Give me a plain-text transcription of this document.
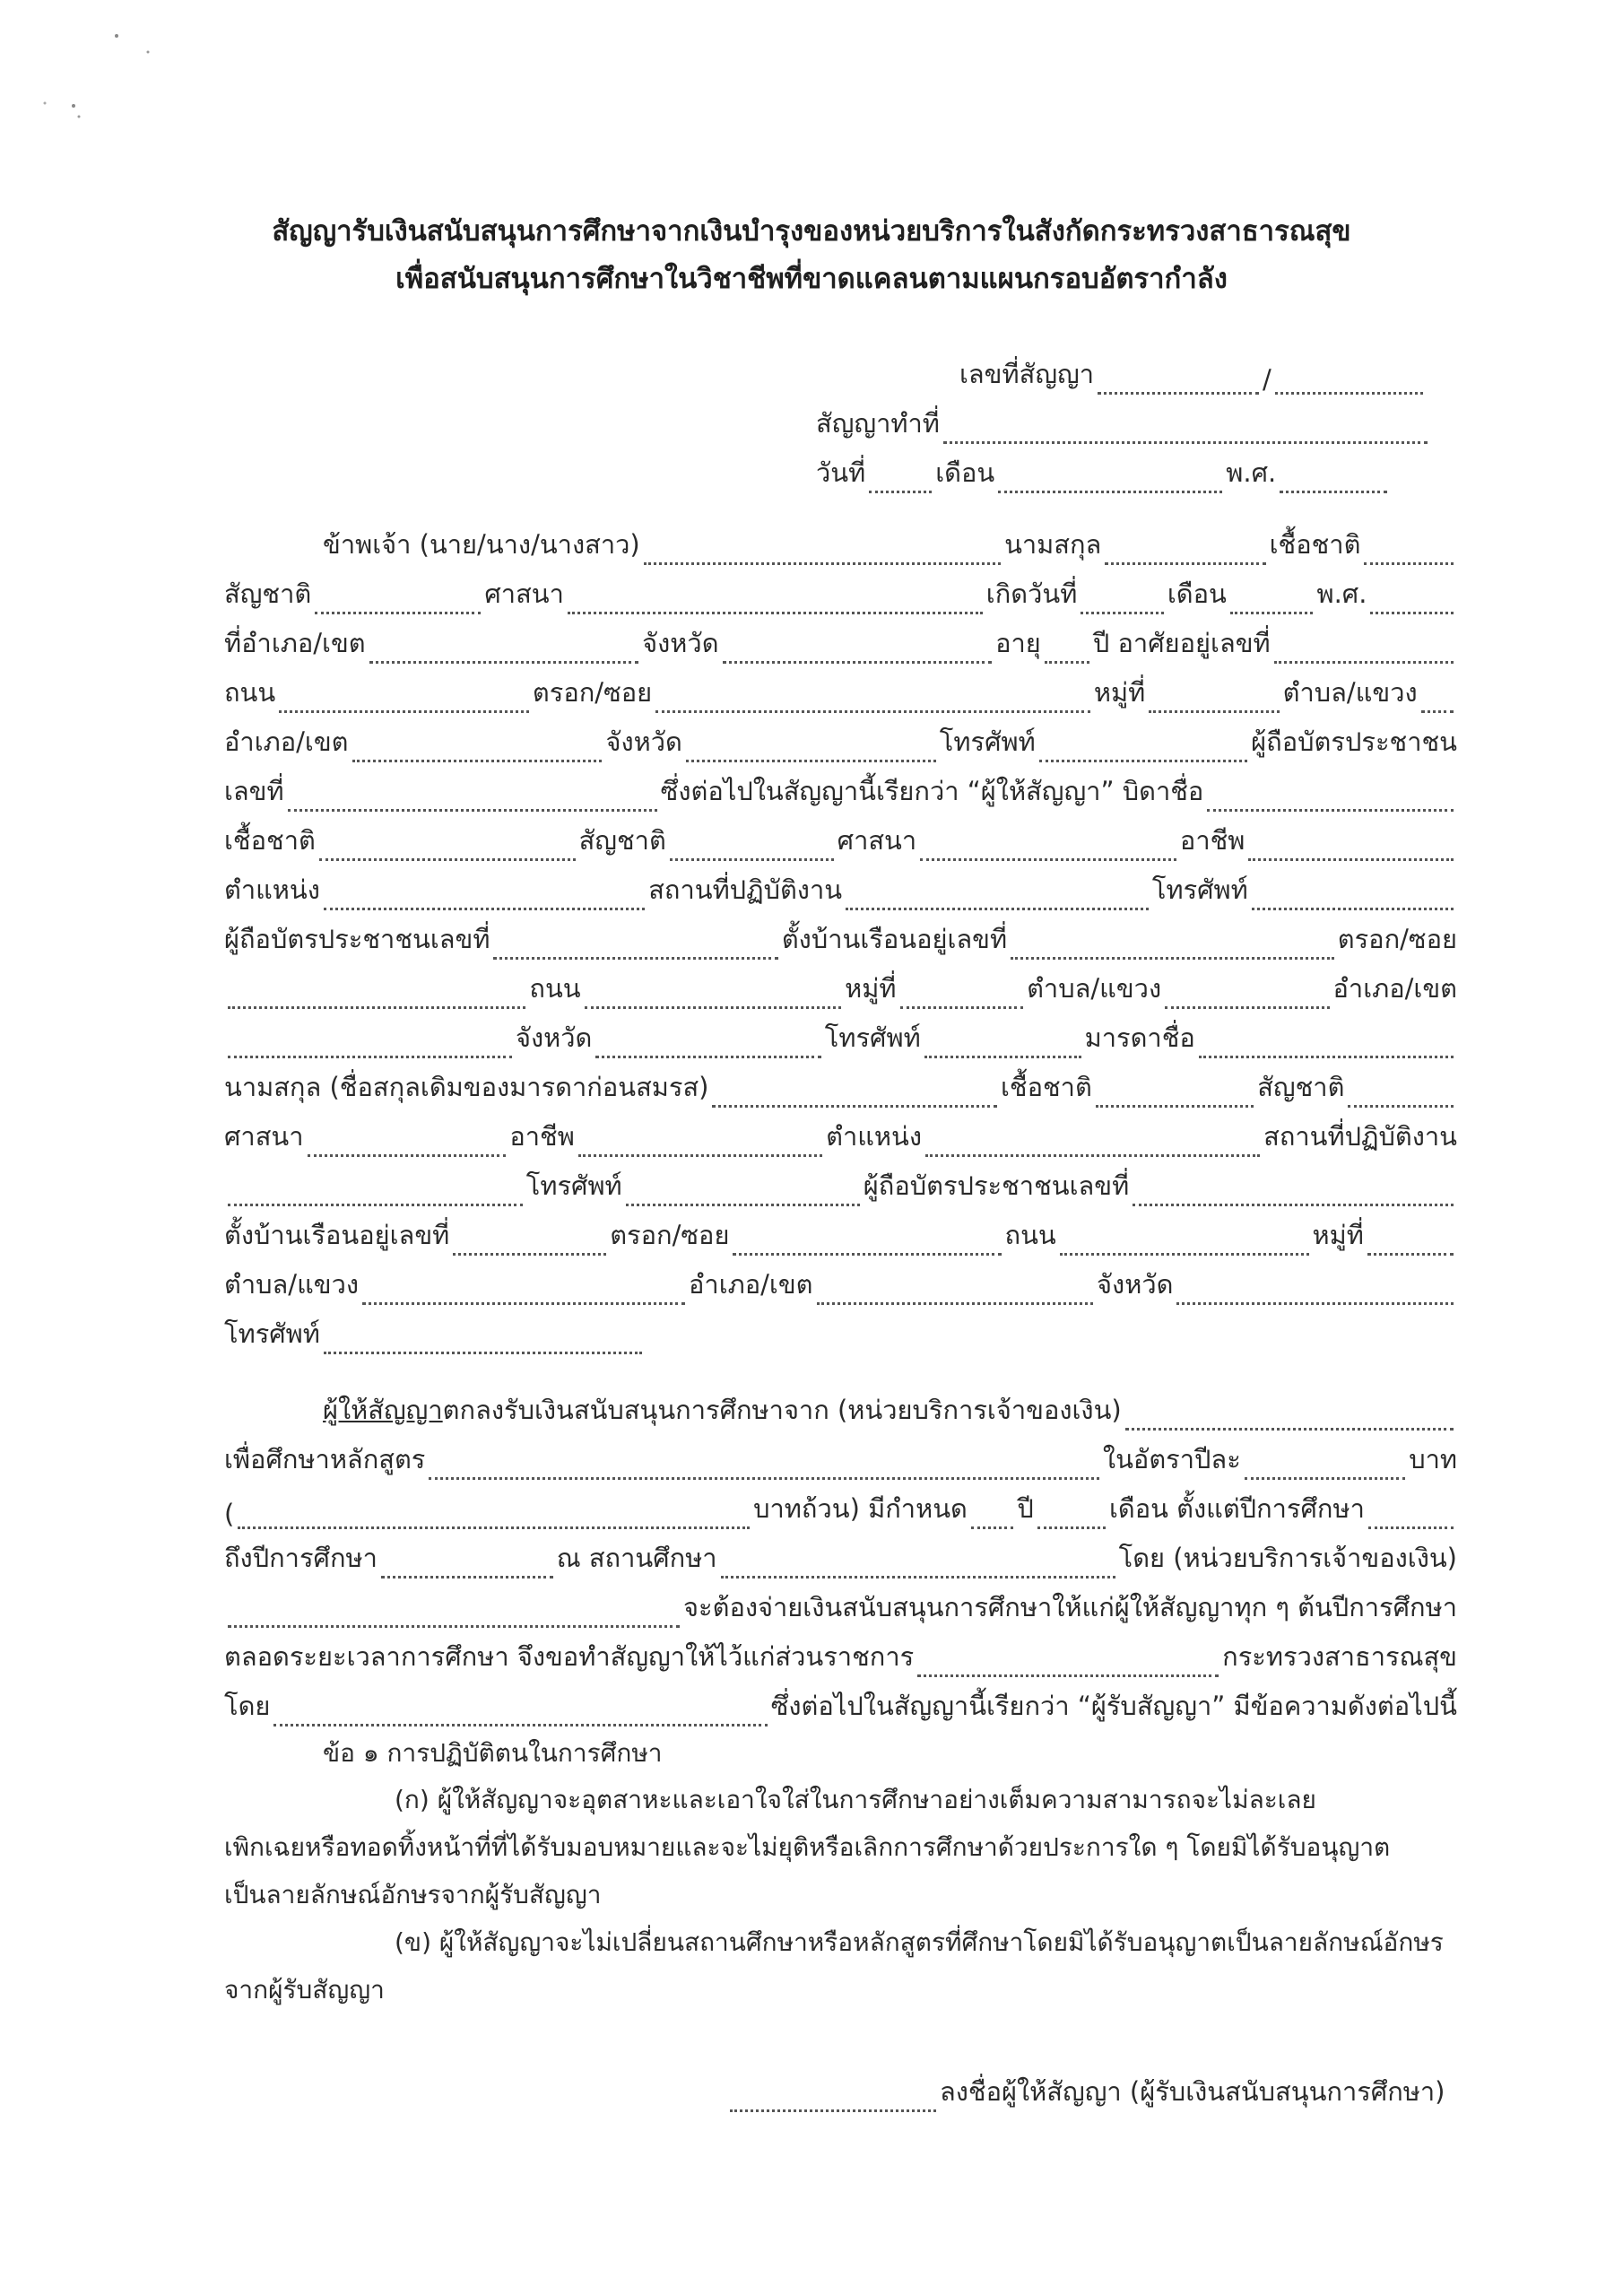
สัญญารับเงินสนับสนุนการศึกษาจากเงินบำรุงของหน่วยบริการในสังกัดกระทรวงสาธารณสุข
เพื่อสนับสนุนการศึกษาในวิชาชีพที่ขาดแคลนตามแผนกรอบอัตรากำลัง
เลขที่สัญญา	/
สัญญาทำที่
วันที่	เดือน	พ.ศ.
ข้าพเจ้า (นาย/นาง/นางสาว)	นามสกุล	เชื้อชาติ
สัญชาติ	ศาสนา	เกิดวันที่	เดือน	พ.ศ.
ที่อำเภอ/เขต	จังหวัด	อายุ ปี อาศัยอยู่เลขที่
ถนน	ตรอก/ซอย	หมู่ที่	ตำบล/แขวง
อำเภอ/เขต	จังหวัด	โทรศัพท์	ผู้ถือบัตรประชาชน
เลขที่	ซึ่งต่อไปในสัญญานี้เรียกว่า “ผู้ให้สัญญา” บิดาชื่อ
เชื้อชาติ	สัญชาติ	ศาสนา	อาชีพ
ตำแหน่ง	สถานที่ปฏิบัติงาน	โทรศัพท์
ผู้ถือบัตรประชาชนเลขที่	ตั้งบ้านเรือนอยู่เลขที่	ตรอก/ซอย
ถนน	หมู่ที่	ตำบล/แขวง	อำเภอ/เขต
จังหวัด	โทรศัพท์	มารดาชื่อ
นามสกุล (ชื่อสกุลเดิมของมารดาก่อนสมรส)	เชื้อชาติ	สัญชาติ
ศาสนา	อาชีพ	ตำแหน่ง	สถานที่ปฏิบัติงาน
โทรศัพท์	ผู้ถือบัตรประชาชนเลขที่
ตั้งบ้านเรือนอยู่เลขที่	ตรอก/ซอย	ถนน	หมู่ที่
ตำบล/แขวง	อำเภอ/เขต	จังหวัด
โทรศัพท์
ผู้ให้สัญญา ตกลงรับเงินสนับสนุนการศึกษาจาก (หน่วยบริการเจ้าของเงิน)
เพื่อศึกษาหลักสูตร	ในอัตราปีละ	บาท
(	บาทถ้วน) มีกำหนด ปี	เดือน ตั้งแต่ปีการศึกษา
ถึงปีการศึกษา	ณ สถานศึกษา	โดย (หน่วยบริการเจ้าของเงิน)
จะต้องจ่ายเงินสนับสนุนการศึกษาให้แก่ผู้ให้สัญญาทุก ๆ ต้นปีการศึกษา
ตลอดระยะเวลาการศึกษา จึงขอทำสัญญาให้ไว้แก่ส่วนราชการ	กระทรวงสาธารณสุข
โดย	ซึ่งต่อไปในสัญญานี้เรียกว่า “ผู้รับสัญญา” มีข้อความดังต่อไปนี้
ข้อ ๑ การปฏิบัติตนในการศึกษา
(ก) ผู้ให้สัญญาจะอุตสาหะและเอาใจใส่ในการศึกษาอย่างเต็มความสามารถจะไม่ละเลย
เพิกเฉยหรือทอดทิ้งหน้าที่ที่ได้รับมอบหมายและจะไม่ยุติหรือเลิกการศึกษาด้วยประการใด ๆ โดยมิได้รับอนุญาต
เป็นลายลักษณ์อักษรจากผู้รับสัญญา
(ข) ผู้ให้สัญญาจะไม่เปลี่ยนสถานศึกษาหรือหลักสูตรที่ศึกษาโดยมิได้รับอนุญาตเป็นลายลักษณ์อักษร
จากผู้รับสัญญา
ลงชื่อผู้ให้สัญญา (ผู้รับเงินสนับสนุนการศึกษา)
